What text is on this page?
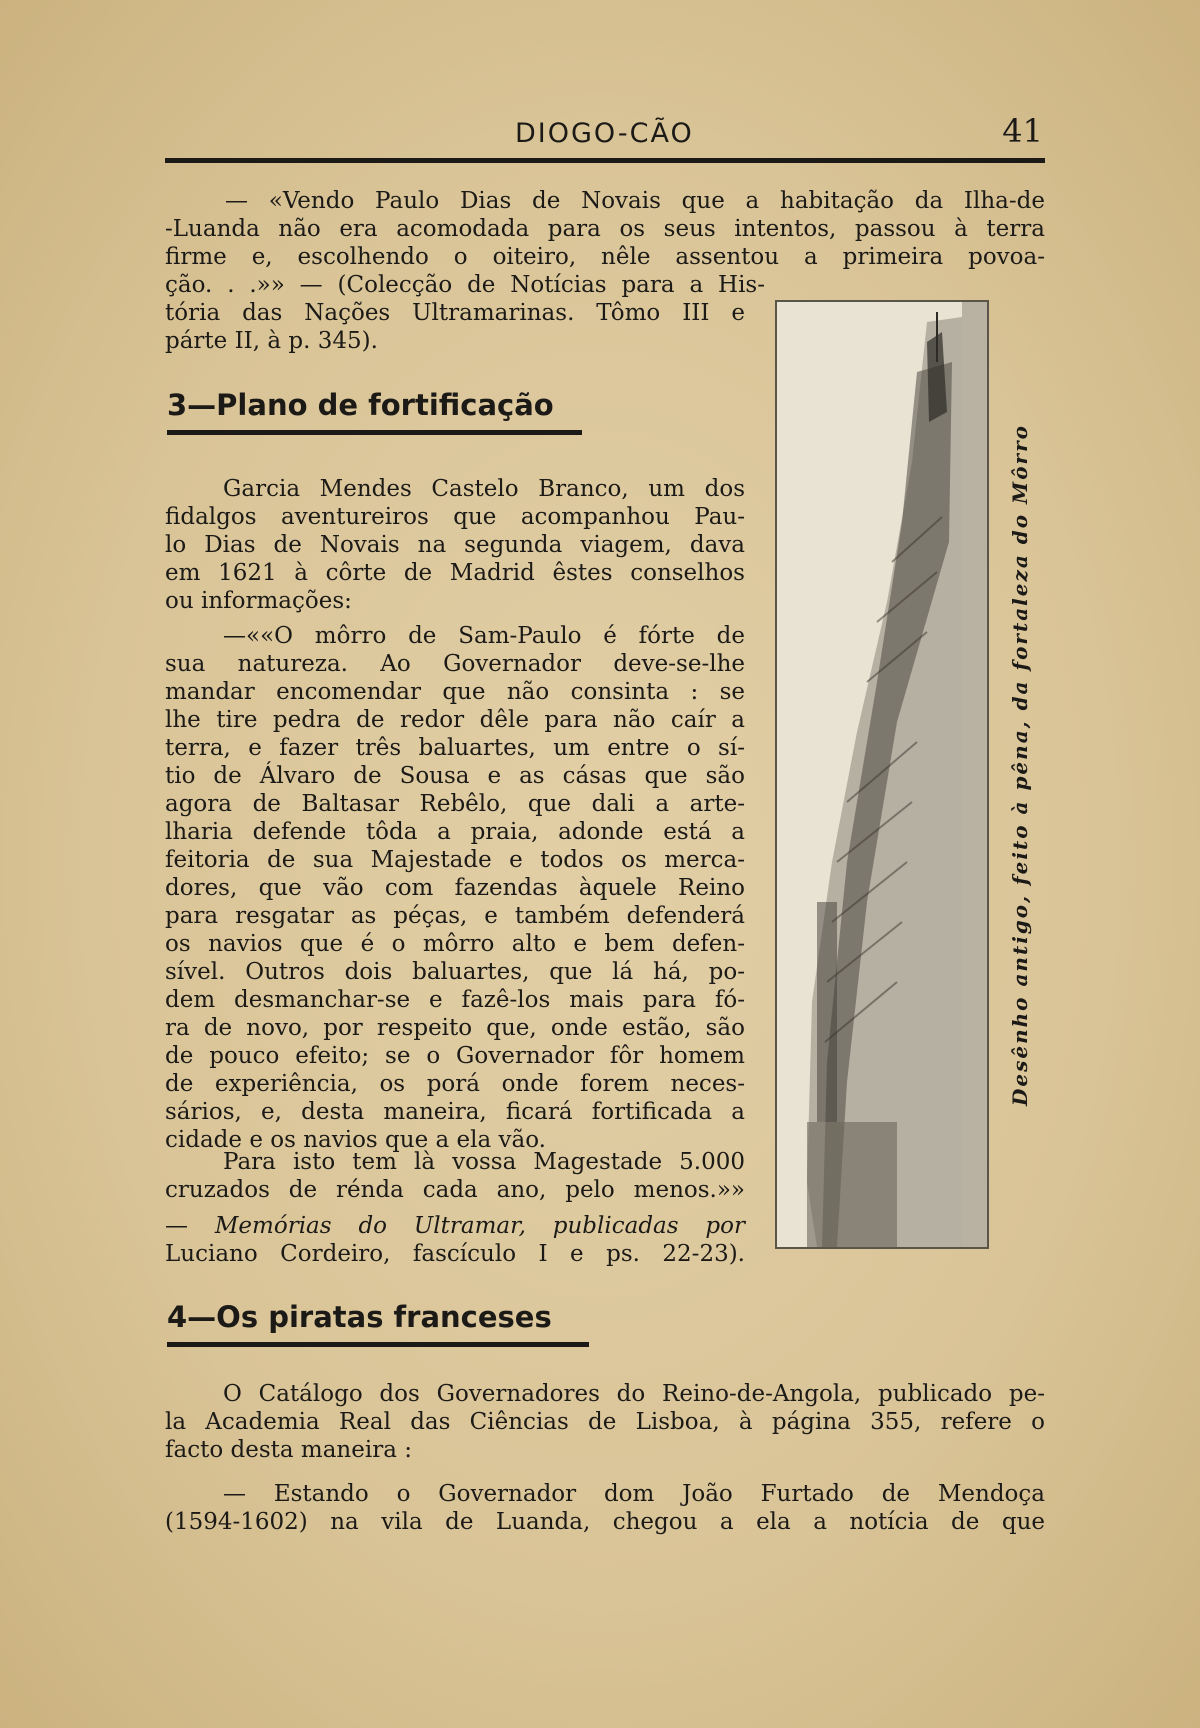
DIOGO-CÃO	41
— «Vendo Paulo Dias de Novais que a habitação da Ilha-de
-Luanda não era acomodada para os seus intentos, passou à terra
firme e, escolhendo o oiteiro, nêle assentou a primeira povoa-
ção. . .»» — (Colecção de Notícias para a His-
tória das Nações Ultramarinas. Tômo III e
párte II, à p. 345).
3—Plano de fortificação
Garcia Mendes Castelo Branco, um dos
fidalgos aventureiros que acompanhou Pau-
lo Dias de Novais na segunda viagem, dava
em 1621 à côrte de Madrid êstes conselhos
ou informações:
—««O môrro de Sam-Paulo é fórte de
sua natureza. Ao Governador deve-se-lhe
mandar encomendar que não consinta : se
lhe tire pedra de redor dêle para não caír a
terra, e fazer três baluartes, um entre o sí-
tio de Álvaro de Sousa e as cásas que são
agora de Baltasar Rebêlo, que dali a arte-
lharia defende tôda a praia, adonde está a
feitoria de sua Majestade e todos os merca-
dores, que vão com fazendas àquele Reino
para resgatar as péças, e também defenderá
os navios que é o môrro alto e bem defen-
sível. Outros dois baluartes, que lá há, po-
dem desmanchar-se e fazê-los mais para fó-
ra de novo, por respeito que, onde estão, são
de pouco efeito; se o Governador fôr homem
de experiência, os porá onde forem neces-
sários, e, desta maneira, ficará fortificada a
cidade e os navios que a ela vão.
Para isto tem là vossa Magestade 5.000
cruzados de rénda cada ano, pelo menos.»»
— Memórias do Ultramar, publicadas por
Luciano Cordeiro, fascículo I e ps. 22-23).
Desênho antigo, feito à pêna, da fortaleza do Môrro
4—Os piratas franceses
O Catálogo dos Governadores do Reino-de-Angola, publicado pe-
la Academia Real das Ciências de Lisboa, à página 355, refere o
facto desta maneira :
— Estando o Governador dom João Furtado de Mendoça
(1594-1602) na vila de Luanda, chegou a ela a notícia de que
